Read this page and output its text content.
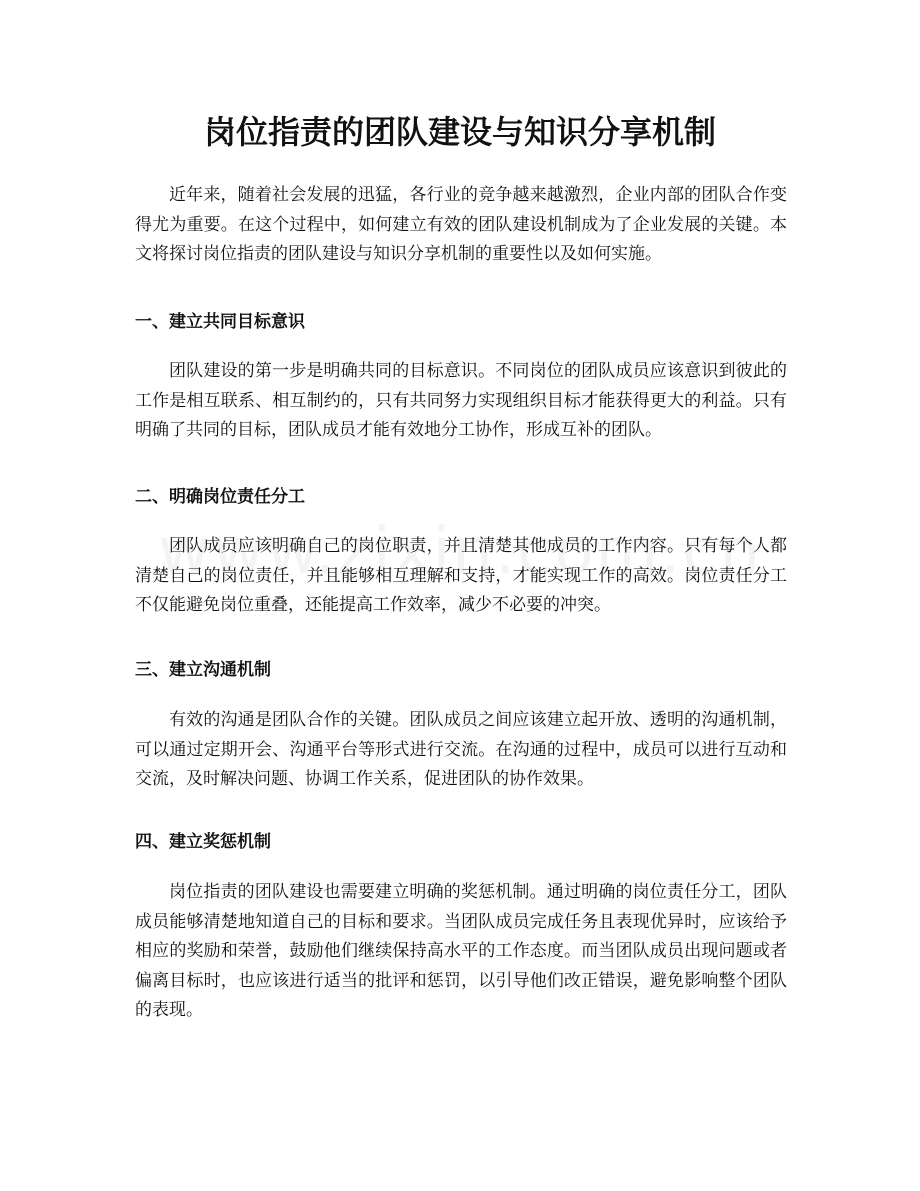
岗位指责的团队建设与知识分享机制

近年来，随着社会发展的迅猛，各行业的竞争越来越激烈，企业内部的团队合作变得尤为重要。在这个过程中，如何建立有效的团队建设机制成为了企业发展的关键。本文将探讨岗位指责的团队建设与知识分享机制的重要性以及如何实施。

一、建立共同目标意识

团队建设的第一步是明确共同的目标意识。不同岗位的团队成员应该意识到彼此的工作是相互联系、相互制约的，只有共同努力实现组织目标才能获得更大的利益。只有明确了共同的目标，团队成员才能有效地分工协作，形成互补的团队。

二、明确岗位责任分工

团队成员应该明确自己的岗位职责，并且清楚其他成员的工作内容。只有每个人都清楚自己的岗位责任，并且能够相互理解和支持，才能实现工作的高效。岗位责任分工不仅能避免岗位重叠，还能提高工作效率，减少不必要的冲突。

三、建立沟通机制

有效的沟通是团队合作的关键。团队成员之间应该建立起开放、透明的沟通机制，可以通过定期开会、沟通平台等形式进行交流。在沟通的过程中，成员可以进行互动和交流，及时解决问题、协调工作关系，促进团队的协作效果。

四、建立奖惩机制

岗位指责的团队建设也需要建立明确的奖惩机制。通过明确的岗位责任分工，团队成员能够清楚地知道自己的目标和要求。当团队成员完成任务且表现优异时，应该给予相应的奖励和荣誉，鼓励他们继续保持高水平的工作态度。而当团队成员出现问题或者偏离目标时，也应该进行适当的批评和惩罚，以引导他们改正错误，避免影响整个团队的表现。
